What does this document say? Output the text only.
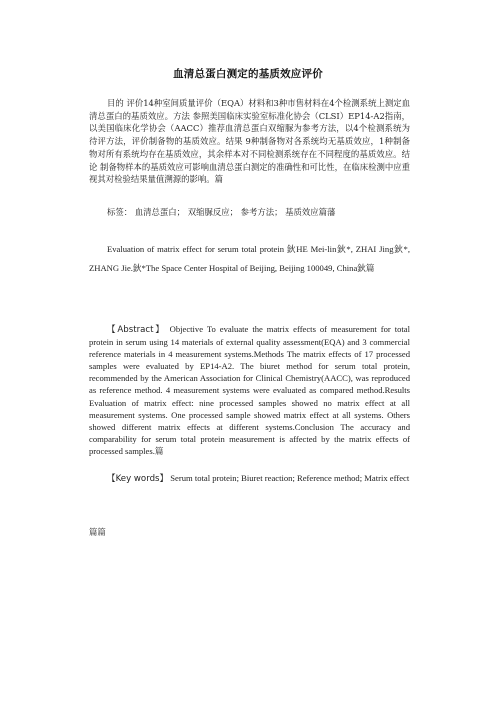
血清总蛋白测定的基质效应评价

目的 评价14种室间质量评价（EQA）材料和3种市售材料在4个检测系统上测定血清总蛋白的基质效应。方法 参照美国临床实验室标准化协会（CLSI）EP14-A2指南，以美国临床化学协会（AACC）推荐血清总蛋白双缩脲为参考方法，以4个检测系统为待评方法，评价制备物的基质效应。结果 9种制备物对各系统均无基质效应，1种制备物对所有系统均存在基质效应，其余样本对不同检测系统存在不同程度的基质效应。结论 制备物样本的基质效应可影响血清总蛋白测定的准确性和可比性，在临床检测中应重视其对检验结果量值溯源的影响。篇

标签： 血清总蛋白； 双缩脲反应； 参考方法； 基质效应篇藩

Evaluation of matrix effect for serum total protein 鈥HE Mei-lin鈥*, ZHAI Jing鈥*, ZHANG Jie.鈥*The Space Center Hospital of Beijing, Beijing 100049, China鈥篇

【Abstract】 Objective To evaluate the matrix effects of measurement for total protein in serum using 14 materials of external quality assessment(EQA) and 3 commercial reference materials in 4 measurement systems.Methods The matrix effects of 17 processed samples were evaluated by EP14-A2. The biuret method for serum total protein, recommended by the American Association for Clinical Chemistry(AACC), was reproduced as reference method. 4 measurement systems were evaluated as compared method.Results Evaluation of matrix effect: nine processed samples showed no matrix effect at all measurement systems. One processed sample showed matrix effect at all systems. Others showed different matrix effects at different systems.Conclusion The accuracy and comparability for serum total protein measurement is affected by the matrix effects of processed samples.篇

【Key words】 Serum total protein; Biuret reaction; Reference method; Matrix effect

篇篇
